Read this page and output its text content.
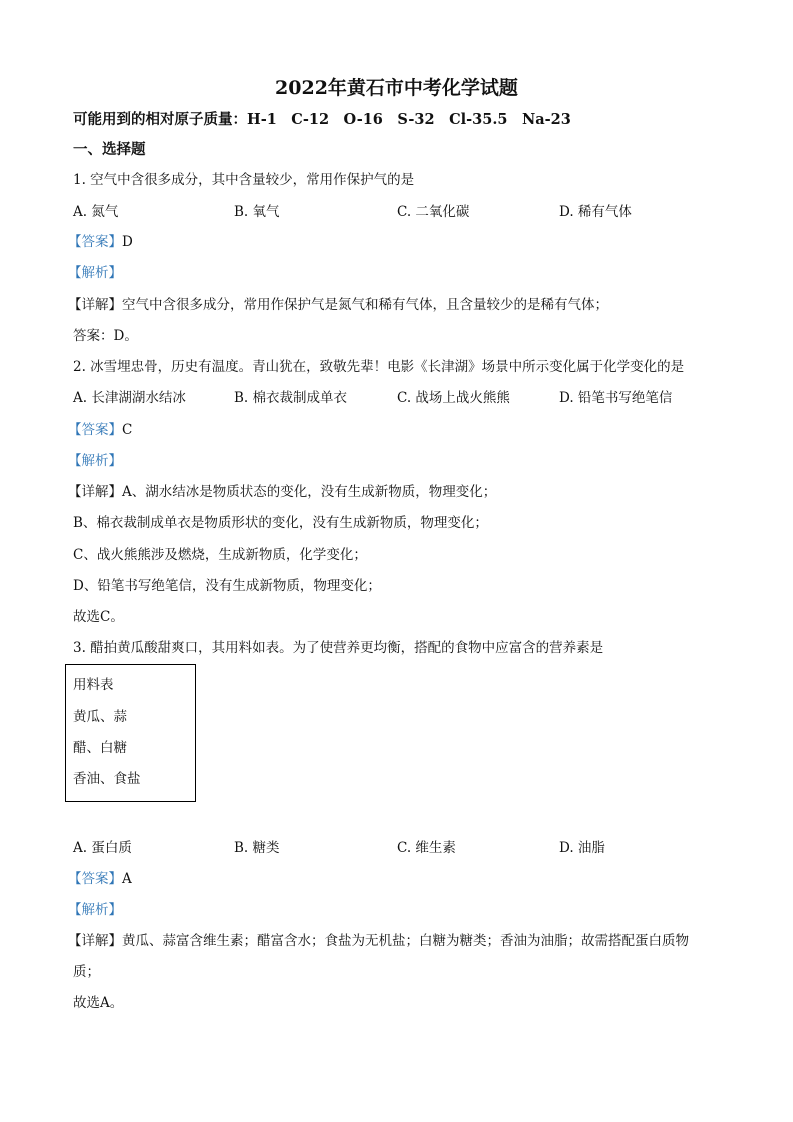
2022年黄石市中考化学试题
可能用到的相对原子质量：H-1　C-12　O-16　S-32　Cl-35.5　Na-23
一、选择题
1. 空气中含很多成分，其中含量较少，常用作保护气的是
A. 氮气	B. 氧气	C. 二氧化碳	D. 稀有气体
【答案】D
【解析】
【详解】空气中含很多成分，常用作保护气是氮气和稀有气体，且含量较少的是稀有气体；
答案：D。
2. 冰雪埋忠骨，历史有温度。青山犹在，致敬先辈！电影《长津湖》场景中所示变化属于化学变化的是
A. 长津湖湖水结冰	B. 棉衣裁制成单衣	C. 战场上战火熊熊	D. 铅笔书写绝笔信
【答案】C
【解析】
【详解】A、湖水结冰是物质状态的变化，没有生成新物质，物理变化；
B、棉衣裁制成单衣是物质形状的变化，没有生成新物质，物理变化；
C、战火熊熊涉及燃烧，生成新物质，化学变化；
D、铅笔书写绝笔信，没有生成新物质，物理变化；
故选C。
3. 醋拍黄瓜酸甜爽口，其用料如表。为了使营养更均衡，搭配的食物中应富含的营养素是
用料表
黄瓜、蒜
醋、白糖
香油、食盐
A. 蛋白质	B. 糖类	C. 维生素	D. 油脂
【答案】A
【解析】
【详解】黄瓜、蒜富含维生素；醋富含水；食盐为无机盐；白糖为糖类；香油为油脂；故需搭配蛋白质物
质；
故选A。
